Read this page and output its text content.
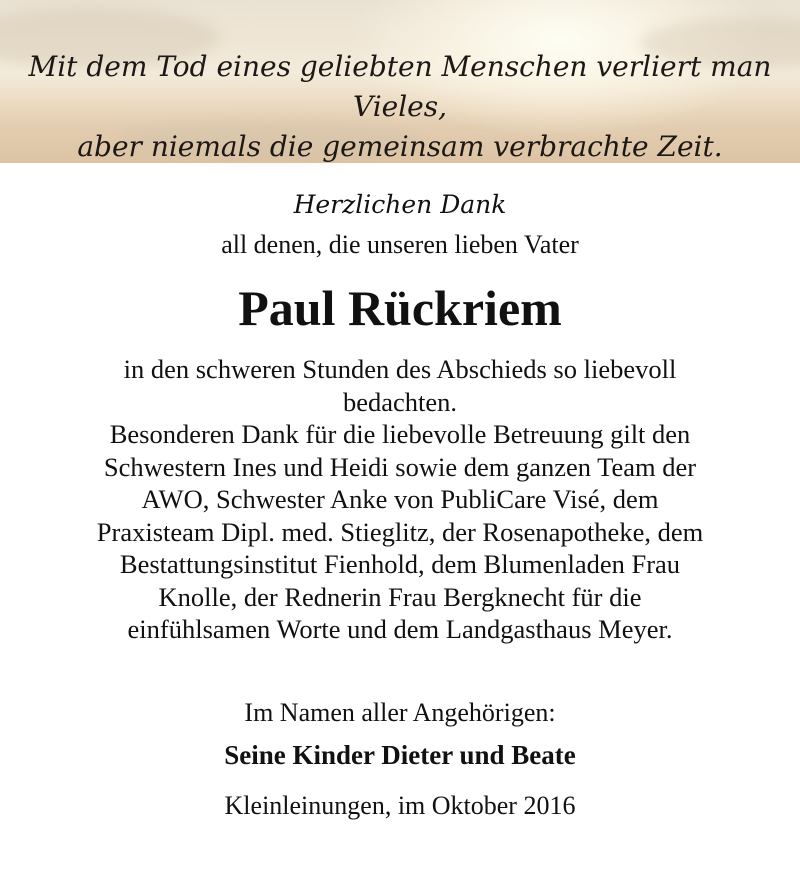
Mit dem Tod eines geliebten Menschen verliert man Vieles,
aber niemals die gemeinsam verbrachte Zeit.

Herzlichen Dank

all denen, die unseren lieben Vater

Paul Rückriem
in den schweren Stunden des Abschieds so liebevoll
bedachten.
Besonderen Dank für die liebevolle Betreuung gilt den
Schwestern Ines und Heidi sowie dem ganzen Team der
AWO, Schwester Anke von PubliCare Visé, dem
Praxisteam Dipl. med. Stieglitz, der Rosenapotheke, dem
Bestattungsinstitut Fienhold, dem Blumenladen Frau
Knolle, der Rednerin Frau Bergknecht für die
einfühlsamen Worte und dem Landgasthaus Meyer.

Im Namen aller Angehörigen:

Seine Kinder Dieter und Beate

Kleinleinungen, im Oktober 2016
